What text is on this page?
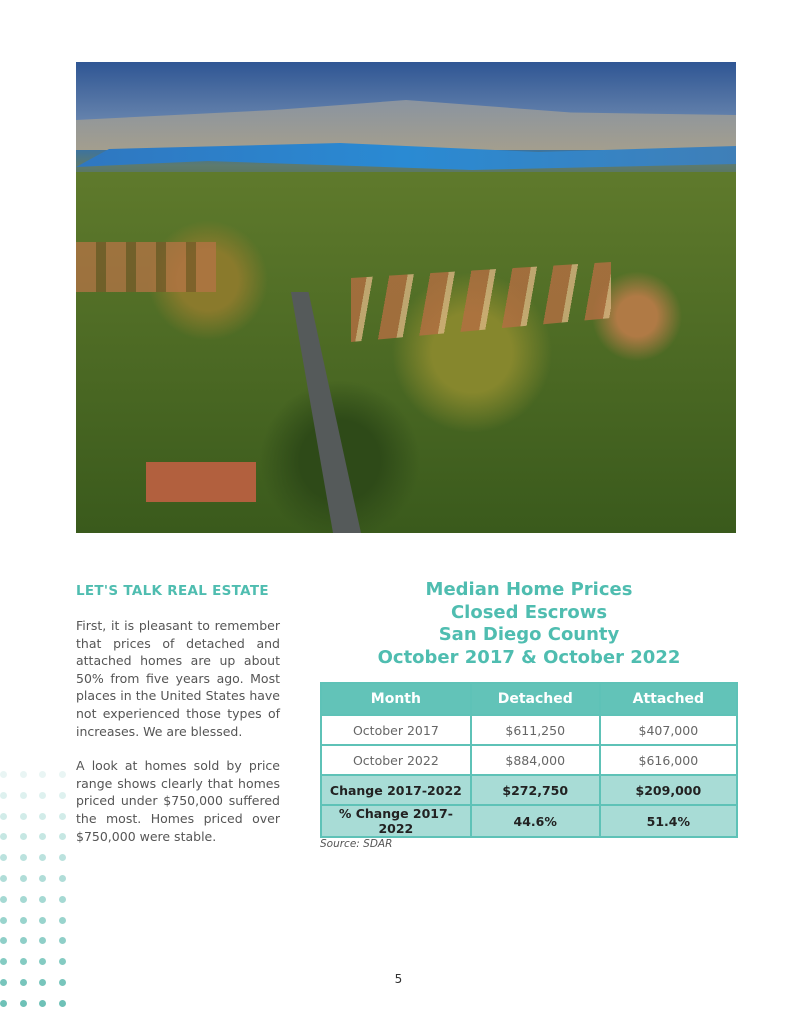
LET'S TALK REAL ESTATE

First, it is pleasant to remember that prices of detached and attached homes are up about 50% from five years ago. Most places in the United States have not experienced those types of increases. We are blessed.

A look at homes sold by price range shows clearly that homes priced under $750,000 suffered the most. Homes priced over $750,000 were stable.

Median Home Prices
Closed Escrows
San Diego County
October 2017 & October 2022
Month	Detached	Attached
October 2017	$611,250	$407,000
October 2022	$884,000	$616,000
Change 2017-2022	$272,750	$209,000
% Change 2017-2022	44.6%	51.4%
Source: SDAR
5
